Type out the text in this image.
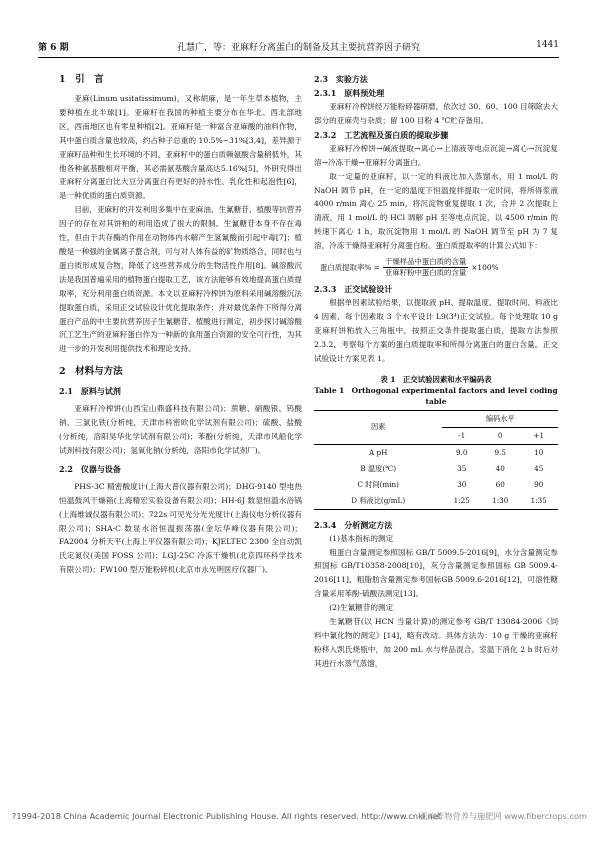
第 6 期	孔慧广，等：亚麻籽分离蛋白的制备及其主要抗营养因子研究	1441
1　引　言

亚麻(Linum usitatissimum)，又称胡麻，是一年生草本植物，主要种植在北半球[1]。亚麻籽在我国的种植主要分布在华北、西北部地区，西南地区也有零星种植[2]。亚麻籽是一种富含亚麻酸的油料作物，其中蛋白质含量也较高，约占种子总重的 10.5%~31%[3,4]，差异源于亚麻籽品种和生长环境的不同。亚麻籽中的蛋白质赖氨酸含量稍低外，其他各种氨基酸相对平衡，其必需氨基酸含量高达5.16%[5]，外研究得出亚麻籽分离蛋白比大豆分离蛋白有更好的持水性、乳化性和起泡性[6]，是一种优质的蛋白质资源。

目前，亚麻籽的开发利用多集中在亚麻油、生氰糖苷、植酸等抗营养因子的存在对其饼粕的利用造成了很大的限制。生氰糖苷本身不存在毒性，但由于共存酶的作用在动物体内水解产生氢氰酸而引起中毒[7]；植酸是一种强的金属离子螯合剂，可与对人体有益的矿物质络合，同时也与蛋白质形成复合物，降低了这些营养成分的生物活性作用[8]。碱溶酸沉法是我国普遍采用的植物蛋白提取工艺，该方法能够有效地提高蛋白质提取率，充分利用蛋白质资源。本文以亚麻籽冷榨饼为原料采用碱溶酸沉法提取蛋白质，采用正交试验设计优化提取条件；并对最优条件下所得分离蛋白产品的中主要抗营养因子生氰糖苷、植酸进行测定，初步探讨碱溶酸沉工艺生产的亚麻籽蛋白作为一种新的食用蛋白资源的安全可行性，为其进一步的开发利用提供技术和理论支持。

2　材料与方法
2.1　原料与试剂

亚麻籽冷榨饼(山西宝山鼎盛科技有限公司)；蔗糖、硝酸银、钨酸钠、三氯化铁(分析纯，天津市科密欧化学试剂有限公司)；硫酸、盐酸(分析纯，洛阳昊华化学试剂有限公司)；苯酚(分析纯，天津市风船化学试剂科技有限公司)；氢氧化钠(分析纯，洛阳市化学试剂厂)。

2.2　仪器与设备

PHS-3C 精密酸度计(上海大普仪器有限公司)；DHG-9140 型电热恒温鼓风干燥箱(上海精宏实验设备有限公司)；HH-6J 数显恒温水浴锅(上海维诚仪器有限公司)；722s 可见光分光光度计(上海仪电分析仪器有限公司)；SHA-C 数显水浴恒温振荡器(金坛华峰仪器有限公司)；FA2004 分析天平(上海上平仪器有限公司)；KJELTEC 2300 全自动凯氏定氮仪(美国 FOSS 公司)；LGJ-25C 冷冻干燥机(北京四环科学技术有限公司)；FW100 型万能粉碎机(北京市永光明医疗仪器厂)。

2.3　实验方法
2.3.1　原料预处理

亚麻籽冷榨饼经万能粉碎器研磨，依次过 30、60、100 目筛除去大部分的亚麻壳与杂质；留 100 目粉 4 ℃贮存备用。

2.3.2　工艺流程及蛋白质的提取步骤

亚麻籽冷榨饼→碱液提取→离心→上清液等电点沉淀→离心→沉淀复溶→冷冻干燥→亚麻籽分离蛋白。

取一定量的亚麻籽，以一定的料液比加入蒸馏水，用 1 mol/L 的 NaOH 调节 pH，在一定的温度下恒温搅拌提取一定时间，将所得浆液 4000 r/min 离心 25 min，将沉淀物重复提取 1 次，合并 2 次提取上清液，用 1 mol/L 的 HCl 调解 pH 至等电点沉淀，以 4500 r/min 的转速下离心 1 h，取沉淀物用 1 mol/L 的 NaOH 调节至 pH 为 7 复溶，冷冻干燥得亚麻籽分离蛋白粉。蛋白质提取率的计算公式如下：

蛋白质提取率% = $\frac{\text{干燥样品中蛋白质的含量}}{\text{亚麻籽粉中蛋白质的含量}} \times 100\%$
2.3.3　正交试验设计

根据单因素试验结果，以提取液 pH、提取温度、提取时间、料液比 4 因素、每个因素取 3 个水平设计 L9(3⁴)正交试验。每个处理取 10 g 亚麻籽饼粕放入三角瓶中，按照正交条件提取蛋白质，提取方法参照 2.3.2，考察每个方案的蛋白质提取率和所得分离蛋白的蛋白含量。正交试验设计方案见表 1。

表 1　正交试验因素和水平编码表
Table 1　Orthogonal experimental factors and level coding table
因素	编码水平		
	-1	0	+1
A pH	9.0	9.5	10
B 温度(℃)	35	40	45
C 时间(min)	30	60	90
D 料液比(g/mL)	1:25	1:30	1:35
2.3.4　分析测定方法

(1)基本指标的测定

粗蛋白含量测定参照国标 GB/T 5009.5-2016[9]，水分含量测定参照国标 GB/T10358-2008[10]，灰分含量测定参照国标 GB 5009.4-2016[11]，粗脂肪含量测定参考国标GB 5009.6-2016[12]，可溶性糖含量采用苯酚-硫酸法测定[13]。

(2)生氰糖苷的测定

生氰糖苷(以 HCN 当量计算)的测定参考 GB/T 13084-2006《饲料中氰化物的测定》[14]，略有改动。具体方法为：10 g 干燥的亚麻籽粉移入凯氏烧瓶中，加 200 mL 水与样品混合。室温下消化 2 h 时后对其进行水蒸气蒸馏，

?1994-2018 China Academic Journal Electronic Publishing House. All rights reserved. http://www.cnki.net
亚麻作物营养与施肥网 www.fibercrops.com
